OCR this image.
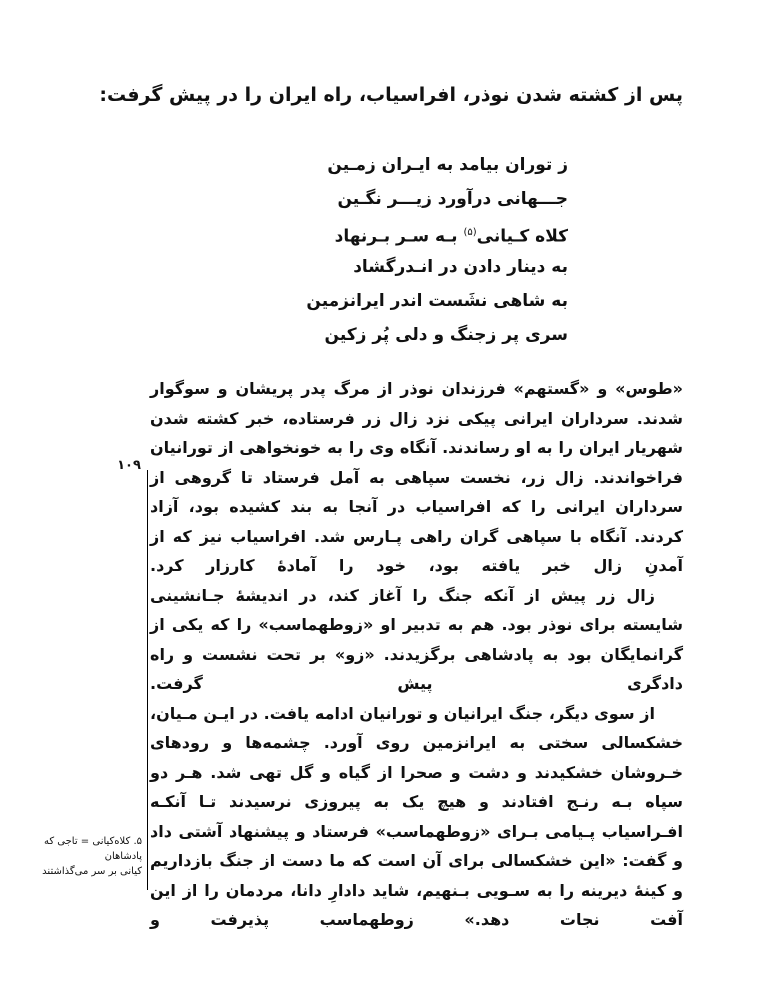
پس از کشته شدن نوذر، افراسیاب، راه ایران را در پیش گرفت:
ز توران بیامد به ایـران زمـین
جـــهانی درآورد زیـــر نگـین
کلاه کـیانی$^{(۵)}$ بـه سـر بـرنهاد
به دینار دادن در انـدرگشاد
به شاهی نشَست اندر ایرانزمین
سری پر زجنگ و دلی پُر زکین
«طوس» و «گستهم» فرزندان نوذر از مرگ پدر پریشان و سوگوار شدند. سرداران ایرانی پیکی نزد زال زر فرستاده، خبر کشته شدن شهریار ایران را به او رساندند. آنگاه وی را به خونخواهی از تورانیان فراخواندند. زال زر، نخست سپاهی به آمل فرستاد تا گروهی از سرداران ایرانی را که افراسیاب در آنجا به بند کشیده بود، آزاد کردند. آنگاه با سپاهی گران راهی پـارس شد. افراسیاب نیز که از آمدنِ زال خبر یافته بود، خود را آمادهٔ کارزار کرد.
زال زر پیش از آنکه جنگ را آغاز کند، در اندیشهٔ جـانشینی شایسته برای نوذر بود. هم به تدبیر او «زوطهماسب» را که یکی از گرانمایگان بود به پادشاهی برگزیدند. «زو» بر تحت نشست و راه دادگری پیش گرفت.
از سوی دیگر، جنگ ایرانیان و تورانیان ادامه یافت. در ایـن مـیان، خشکسالی سختی به ایرانزمین روی آورد. چشمه‌ها و رودهای خـروشان خشکیدند و دشت و صحرا از گیاه و گل تهی شد. هـر دو سپاه بـه رنـج افتادند و هیچ یک به پیروزی نرسیدند تـا آنکـه افـراسیاب پـیامی بـرای «زوطهماسب» فرستاد و پیشنهاد آشتی داد و گفت: «این خشکسالی برای آن است که ما دست از جنگ بازداریم و کینهٔ دیرینه را به سـویی بـنهیم، شاید دادارِ دانا، مردمان را از این آفت نجات دهد.» زوطهماسب پذیرفت و
۱۰۹
۵. کلاه‌کیانی = تاجی که
پادشاهان
کیانی بر سر می‌گذاشتند
